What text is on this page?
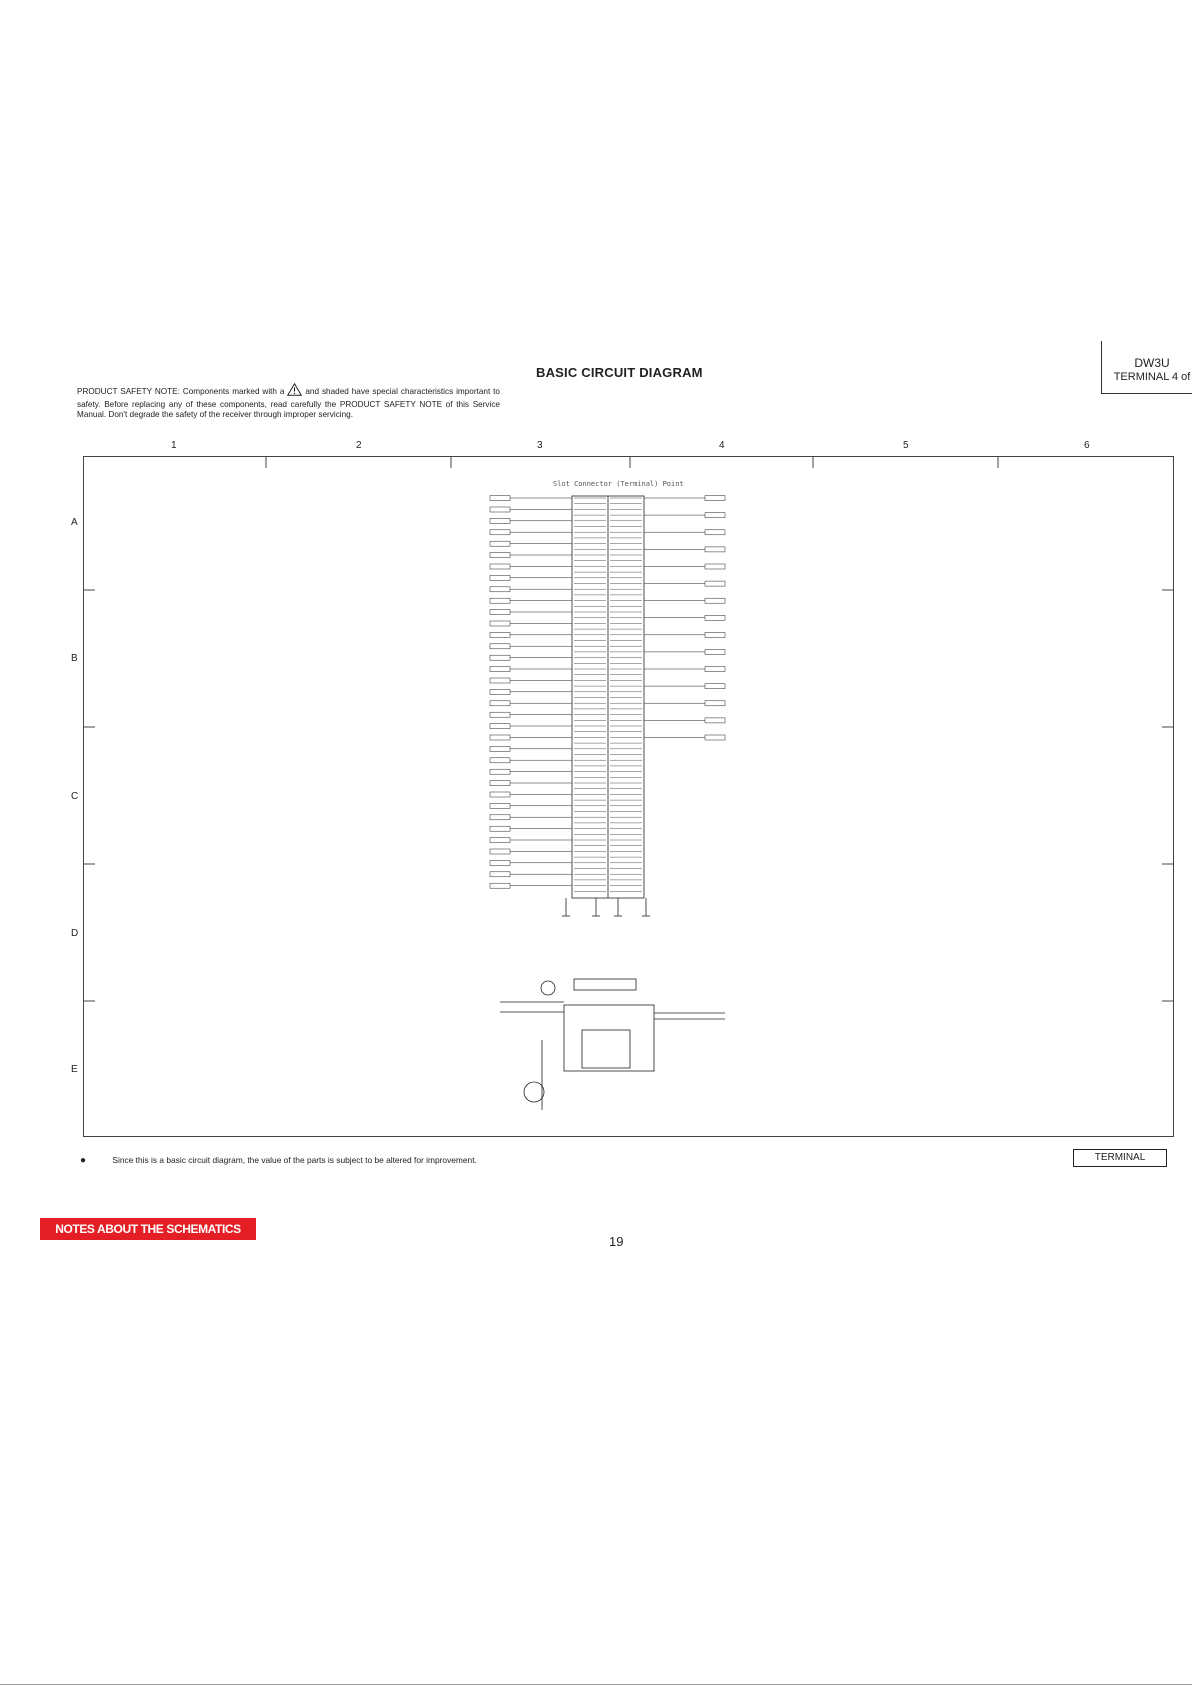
DW3U
TERMINAL 4 of
BASIC CIRCUIT DIAGRAM
PRODUCT SAFETY NOTE: Components marked with a	and shaded have special characteristics important to safety. Before replacing any of these components, read carefully the PRODUCT SAFETY NOTE of this Service Manual. Don't degrade the safety of the receiver through improper servicing.
1	2	3	4	5	6
A
B
C
D
E
Slot Connector (Terminal) Point
●	Since this is a basic circuit diagram, the value of the parts is subject to be altered for improvement.	TERMINAL
NOTES ABOUT THE SCHEMATICS
19
